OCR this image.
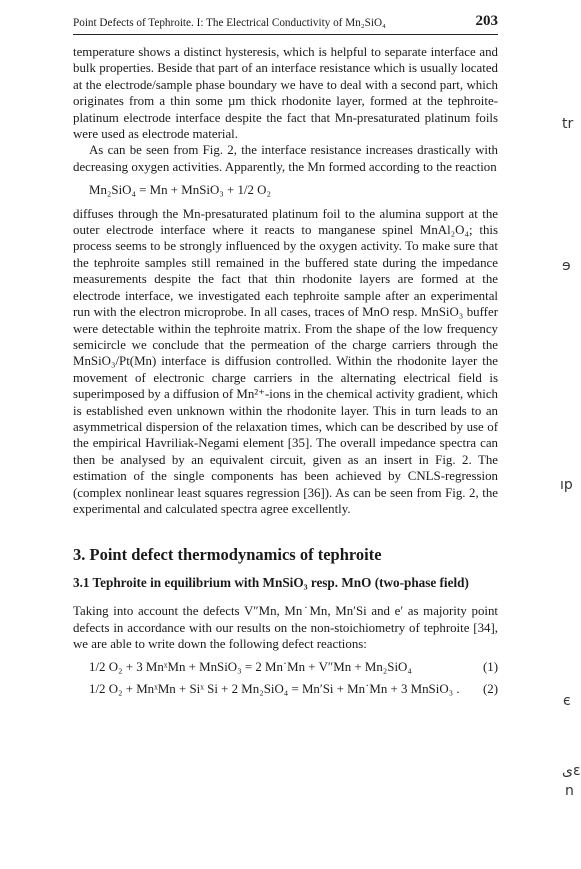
Point Defects of Tephroite. I: The Electrical Conductivity of Mn₂SiO₄	203

temperature shows a distinct hysteresis, which is helpful to separate interface and bulk properties. Beside that part of an interface resistance which is usually located at the electrode/sample phase boundary we have to deal with a second part, which originates from a thin some µm thick rhodonite layer, formed at the tephroite-platinum electrode interface despite the fact that Mn-presaturated platinum foils were used as electrode material.

As can be seen from Fig. 2, the interface resistance increases drastically with decreasing oxygen activities. Apparently, the Mn formed according to the reaction

Mn₂SiO₄ = Mn + MnSiO₃ + 1/2 O₂

diffuses through the Mn-presaturated platinum foil to the alumina support at the outer electrode interface where it reacts to manganese spinel MnAl₂O₄; this process seems to be strongly influenced by the oxygen activity. To make sure that the tephroite samples still remained in the buffered state during the impedance measurements despite the fact that thin rhodonite layers are formed at the electrode interface, we investigated each tephroite sample after an experimental run with the electron microprobe. In all cases, traces of MnO resp. MnSiO₃ buffer were detectable within the tephroite matrix. From the shape of the low frequency semicircle we conclude that the permeation of the charge carriers through the MnSiO₃/Pt(Mn) interface is diffusion controlled. Within the rhodonite layer the movement of electronic charge carriers in the alternating electrical field is superimposed by a diffusion of Mn²⁺-ions in the chemical activity gradient, which is established even unknown within the rhodonite layer. This in turn leads to an asymmetrical dispersion of the relaxation times, which can be described by use of the empirical Havriliak-Negami element [35]. The overall impedance spectra can then be analysed by an equivalent circuit, given as an insert in Fig. 2. The estimation of the single components has been achieved by CNLS-regression (complex nonlinear least squares regression [36]). As can be seen from Fig. 2, the experimental and calculated spectra agree excellently.

3. Point defect thermodynamics of tephroite
3.1 Tephroite in equilibrium with MnSiO₃ resp. MnO (two-phase field)

Taking into account the defects V″Mn, Mn˙Mn, Mn′Si and e′ as majority point defects in accordance with our results on the non-stoichiometry of tephroite [34], we are able to write down the following defect reactions:

1/2 O₂ + 3 MnˣMn + MnSiO₃ = 2 Mn˙Mn + V″Mn + Mn₂SiO₄	(1)
1/2 O₂ + MnˣMn + Siˣ Si + 2 Mn₂SiO₄ = Mn′Si + Mn˙Mn + 3 MnSiO₃ . (2)
tr
ɘ
ıp
є
ﻯɛ
n
